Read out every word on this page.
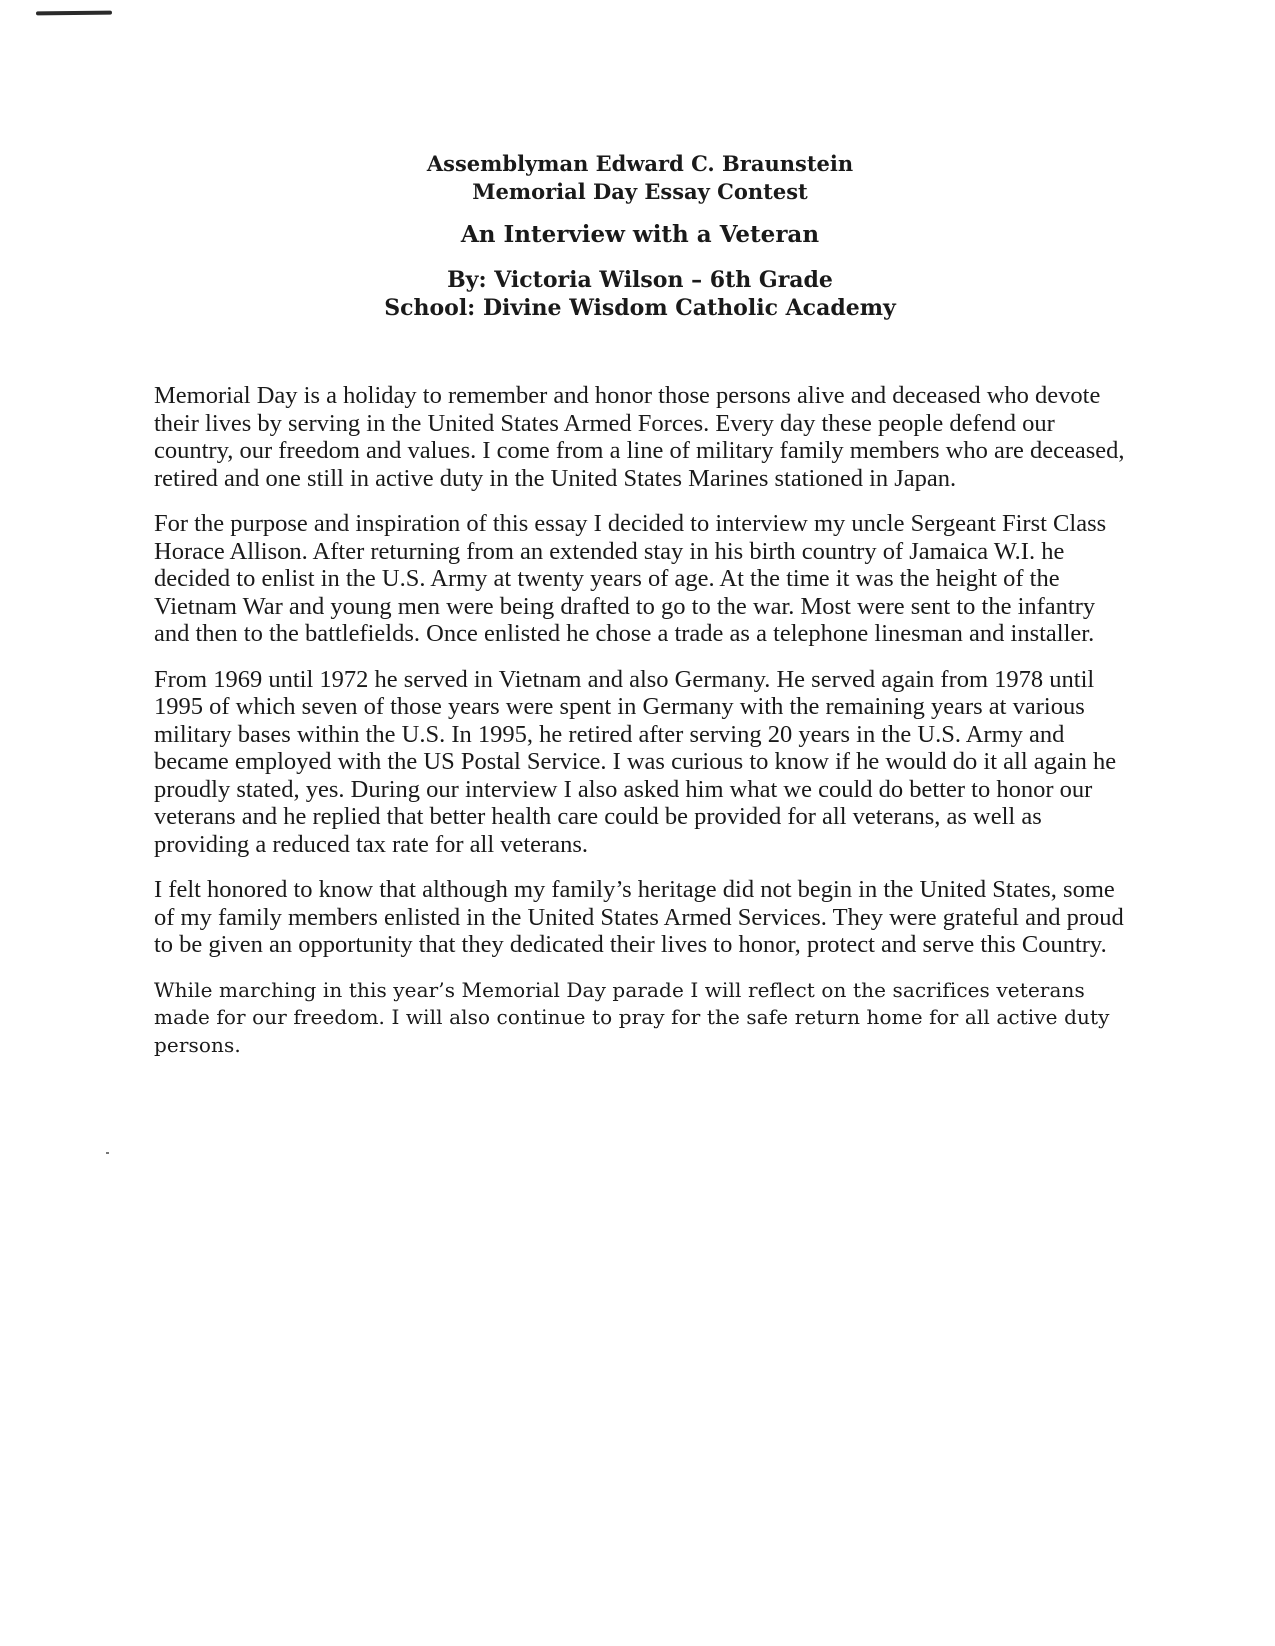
Assemblyman Edward C. Braunstein
Memorial Day Essay Contest
An Interview with a Veteran
By: Victoria Wilson – 6th Grade
School: Divine Wisdom Catholic Academy

Memorial Day is a holiday to remember and honor those persons alive and deceased who devote their lives by serving in the United States Armed Forces. Every day these people defend our country, our freedom and values. I come from a line of military family members who are deceased, retired and one still in active duty in the United States Marines stationed in Japan.

For the purpose and inspiration of this essay I decided to interview my uncle Sergeant First Class Horace Allison. After returning from an extended stay in his birth country of Jamaica W.I. he decided to enlist in the U.S. Army at twenty years of age. At the time it was the height of the Vietnam War and young men were being drafted to go to the war. Most were sent to the infantry and then to the battlefields. Once enlisted he chose a trade as a telephone linesman and installer.

From 1969 until 1972 he served in Vietnam and also Germany. He served again from 1978 until 1995 of which seven of those years were spent in Germany with the remaining years at various military bases within the U.S. In 1995, he retired after serving 20 years in the U.S. Army and became employed with the US Postal Service. I was curious to know if he would do it all again he proudly stated, yes. During our interview I also asked him what we could do better to honor our veterans and he replied that better health care could be provided for all veterans, as well as providing a reduced tax rate for all veterans.

I felt honored to know that although my family’s heritage did not begin in the United States, some of my family members enlisted in the United States Armed Services. They were grateful and proud to be given an opportunity that they dedicated their lives to honor, protect and serve this Country.

While marching in this year’s Memorial Day parade I will reflect on the sacrifices veterans made for our freedom. I will also continue to pray for the safe return home for all active duty persons.
